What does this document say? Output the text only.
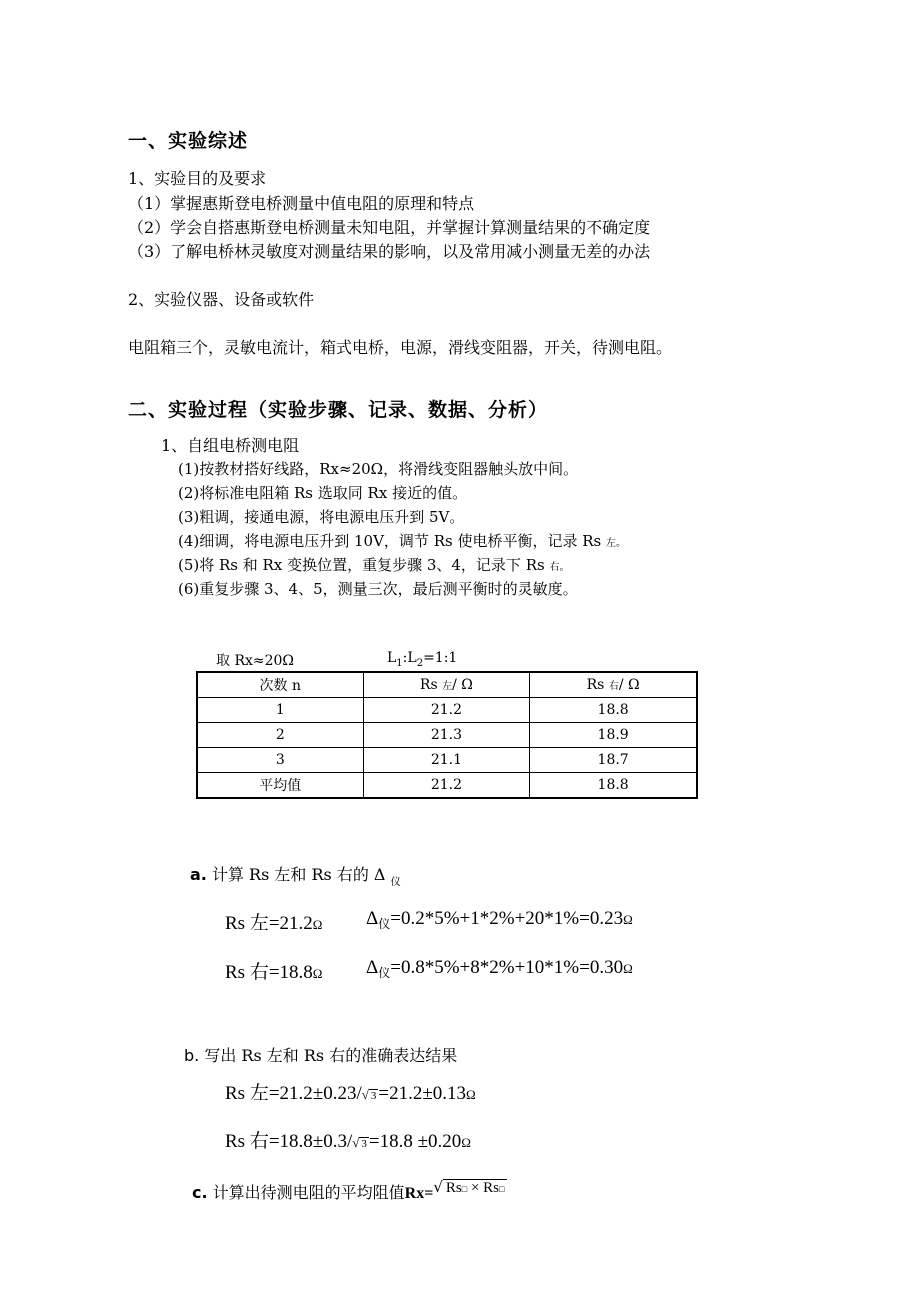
一、实验综述
1、实验目的及要求
（1）掌握惠斯登电桥测量中值电阻的原理和特点
（2）学会自搭惠斯登电桥测量未知电阻，并掌握计算测量结果的不确定度
（3）了解电桥林灵敏度对测量结果的影响，以及常用减小测量无差的办法
2、实验仪器、设备或软件
电阻箱三个，灵敏电流计，箱式电桥，电源，滑线变阻器，开关，待测电阻。
二、实验过程（实验步骤、记录、数据、分析）
1、自组电桥测电阻
(1)按教材搭好线路，Rx≈20Ω，将滑线变阻器触头放中间。
(2)将标准电阻箱 Rs 选取同 Rx 接近的值。
(3)粗调，接通电源，将电源电压升到 5V。
(4)细调，将电源电压升到 10V，调节 Rs 使电桥平衡，记录 Rs 左。
(5)将 Rs 和 Rx 变换位置，重复步骤 3、4，记录下 Rs 右。
(6)重复步骤 3、4、5，测量三次，最后测平衡时的灵敏度。
取 Rx≈20Ω	$L_1:L_2=1:1$
次数 n	Rs 左/ Ω	Rs 右/ Ω
1	21.2	18.8
2	21.3	18.9
3	21.1	18.7
平均值	21.2	18.8
a. 计算 Rs 左和 Rs 右的 Δ $_仪$
Rs 左=21.2Ω $\Delta_仪=0.2*5\%+1*2\%+20*1\%=0.23\Omega$
Rs 右=18.8Ω $\Delta_仪=0.8*5\%+8*2\%+10*1\%=0.30\Omega$
b. 写出 Rs 左和 Rs 右的准确表达结果
Rs 左=21.2±0.23/√ 3 =21.2±0.13Ω
Rs 右=18.8±0.3/√ 3 =18.8 ±0.20Ω
c. 计算出待测电阻的平均阻值Rx=√ Rs□ × Rs□
